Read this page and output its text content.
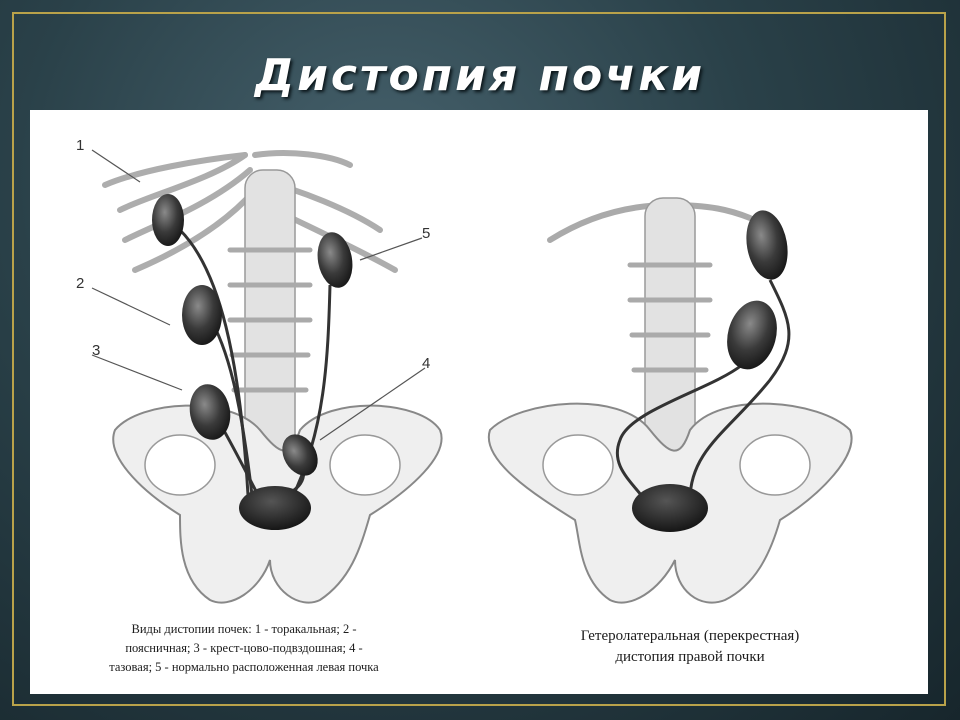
Дистопия почки
1
2
3
4
5
Виды дистопии почек: 1 - торакальная; 2 -
поясничная; 3 - крест-цово-подвздошная; 4 -
тазовая; 5 - нормально расположенная левая почка
Гетеролатеральная (перекрестная)
дистопия правой почки
